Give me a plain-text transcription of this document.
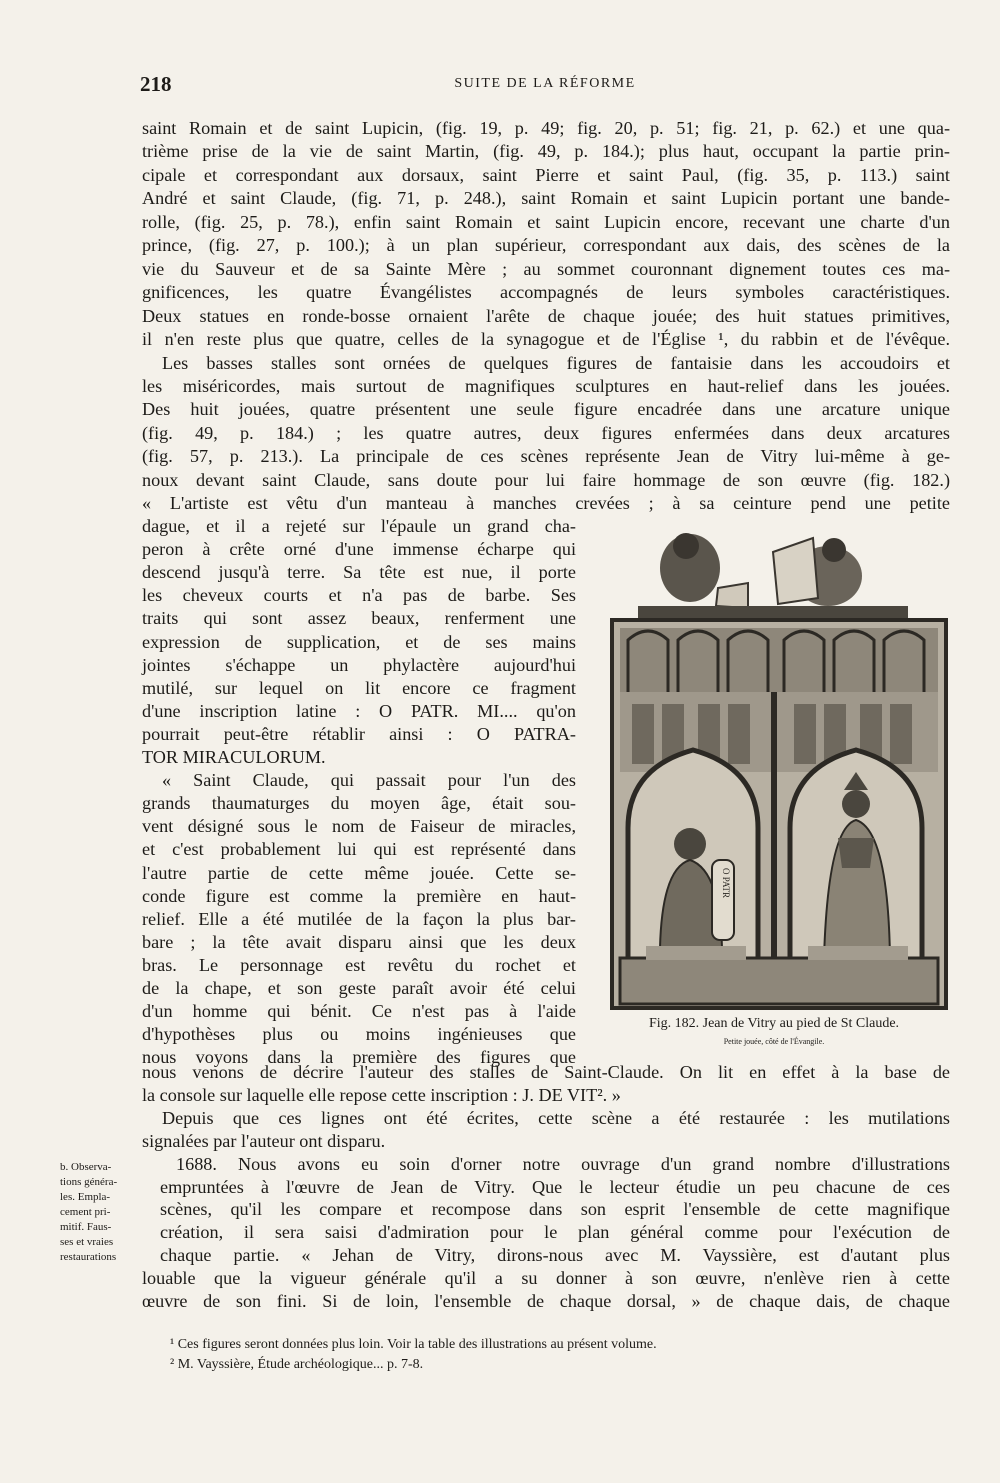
218	SUITE DE LA RÉFORME
saint Romain et de saint Lupicin, (fig. 19, p. 49; fig. 20, p. 51; fig. 21, p. 62.) et une qua-
trième prise de la vie de saint Martin, (fig. 49, p. 184.); plus haut, occupant la partie prin-
cipale et correspondant aux dorsaux, saint Pierre et saint Paul, (fig. 35, p. 113.) saint
André et saint Claude, (fig. 71, p. 248.), saint Romain et saint Lupicin portant une bande-
rolle, (fig. 25, p. 78.), enfin saint Romain et saint Lupicin encore, recevant une charte d'un
prince, (fig. 27, p. 100.); à un plan supérieur, correspondant aux dais, des scènes de la
vie du Sauveur et de sa Sainte Mère ; au sommet couronnant dignement toutes ces ma-
gnificences, les quatre Évangélistes accompagnés de leurs symboles caractéristiques.
Deux statues en ronde-bosse ornaient l'arête de chaque jouée; des huit statues primitives,
il n'en reste plus que quatre, celles de la synagogue et de l'Église ¹, du rabbin et de l'évêque.
Les basses stalles sont ornées de quelques figures de fantaisie dans les accoudoirs et
les miséricordes, mais surtout de magnifiques sculptures en haut-relief dans les jouées.
Des huit jouées, quatre présentent une seule figure encadrée dans une arcature unique
(fig. 49, p. 184.) ; les quatre autres, deux figures enfermées dans deux arcatures
(fig. 57, p. 213.). La principale de ces scènes représente Jean de Vitry lui-même à ge-
noux devant saint Claude, sans doute pour lui faire hommage de son œuvre (fig. 182.)
« L'artiste est vêtu d'un manteau à manches crevées ; à sa ceinture pend une petite
dague, et il a rejeté sur l'épaule un grand cha-
peron à crête orné d'une immense écharpe qui
descend jusqu'à terre. Sa tête est nue, il porte
les cheveux courts et n'a pas de barbe. Ses
traits qui sont assez beaux, renferment une
expression de supplication, et de ses mains
jointes s'échappe un phylactère aujourd'hui
mutilé, sur lequel on lit encore ce fragment
d'une inscription latine : O PATR. MI.... qu'on
pourrait peut-être rétablir ainsi : O PATRA-
TOR MIRACULORUM.
« Saint Claude, qui passait pour l'un des
grands thaumaturges du moyen âge, était sou-
vent désigné sous le nom de Faiseur de miracles,
et c'est probablement lui qui est représenté dans
l'autre partie de cette même jouée. Cette se-
conde figure est comme la première en haut-
relief. Elle a été mutilée de la façon la plus bar-
bare ; la tête avait disparu ainsi que les deux
bras. Le personnage est revêtu du rochet et
de la chape, et son geste paraît avoir été celui
d'un homme qui bénit. Ce n'est pas à l'aide
d'hypothèses plus ou moins ingénieuses que
nous voyons dans la première des figures que
nous venons de décrire l'auteur des stalles de Saint-Claude. On lit en effet à la base de
la console sur laquelle elle repose cette inscription : J. DE VIT². »
Depuis que ces lignes ont été écrites, cette scène a été restaurée : les mutilations
signalées par l'auteur ont disparu.
1688. Nous avons eu soin d'orner notre ouvrage d'un grand nombre d'illustrations
empruntées à l'œuvre de Jean de Vitry. Que le lecteur étudie un peu chacune de ces
scènes, qu'il les compare et recompose dans son esprit l'ensemble de cette magnifique
création, il sera saisi d'admiration pour le plan général comme pour l'exécution de
chaque partie. « Jehan de Vitry, dirons-nous avec M. Vayssière, est d'autant plus
louable que la vigueur générale qu'il a su donner à son œuvre, n'enlève rien à cette
œuvre de son fini. Si de loin, l'ensemble de chaque dorsal, » de chaque dais, de chaque
O PATR
Fig. 182. Jean de Vitry au pied de St Claude.
Petite jouée, côté de l'Évangile.
b. Observa-
tions généra-
les. Empla-
cement pri-
mitif. Faus-
ses et vraies
restaurations
¹ Ces figures seront données plus loin. Voir la table des illustrations au présent volume.
² M. Vayssière, Étude archéologique... p. 7-8.
